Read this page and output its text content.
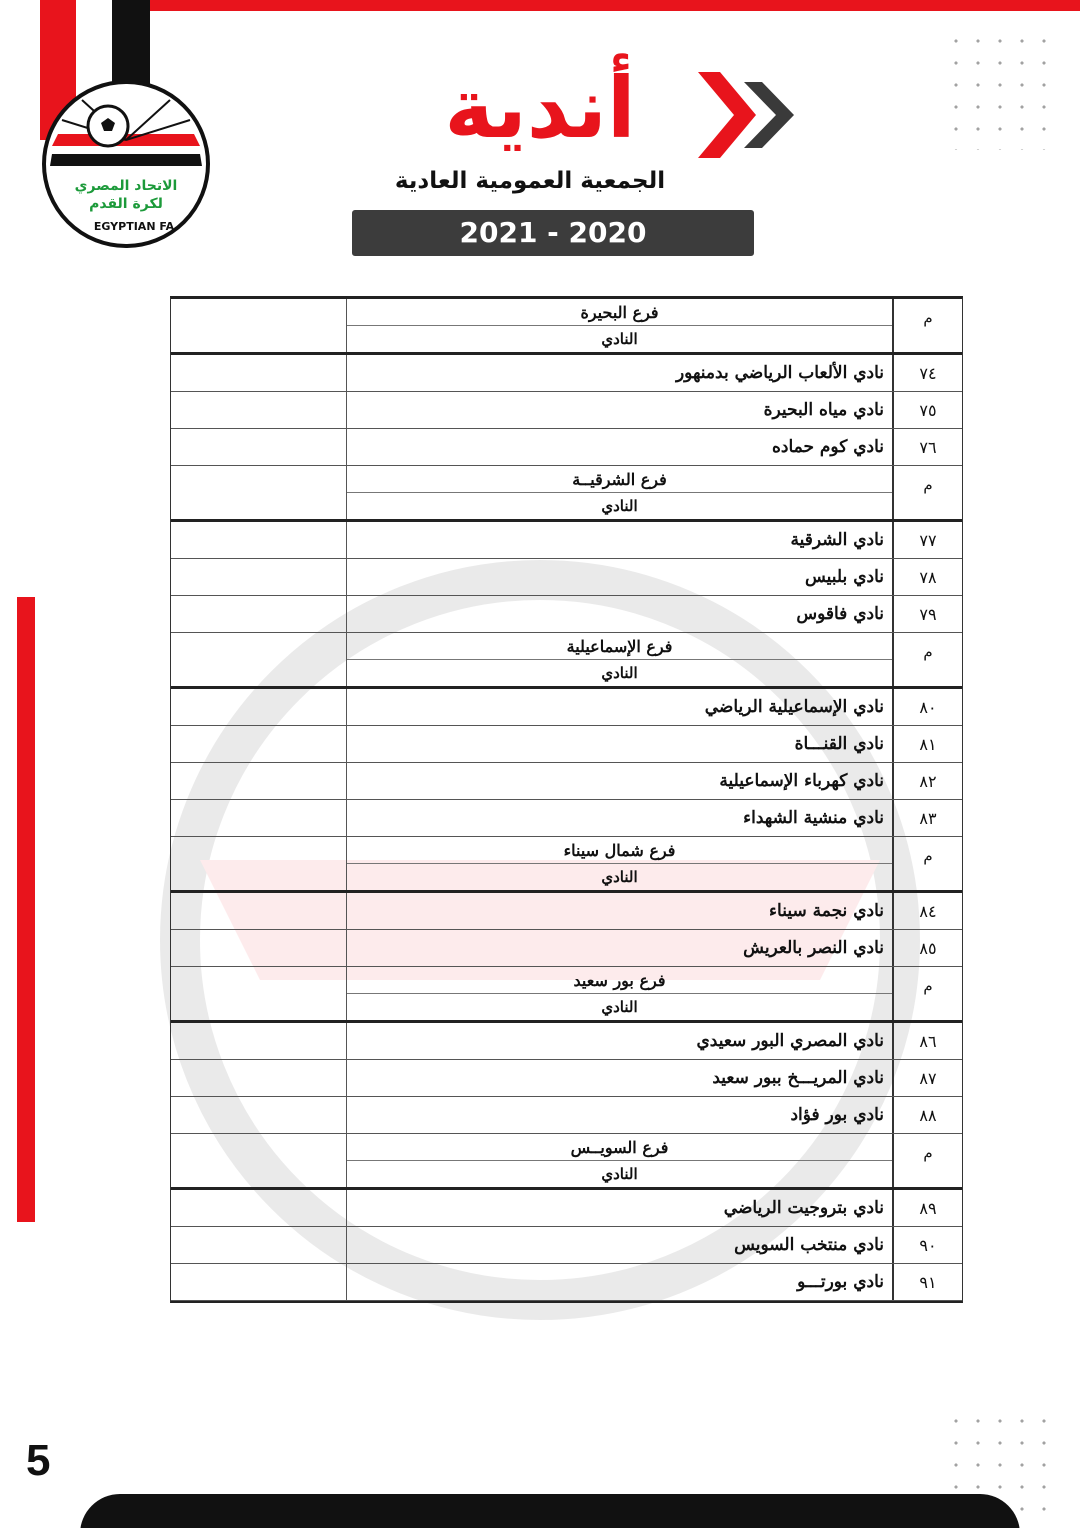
الاتحاد المصري
لكرة القدم
EGYPTIAN FA
أندية
الجمعية العمومية العادية
2021 - 2020
م
فرع البحيرة
النادي
٧٤
نادي الألعاب الرياضي بدمنهور
٧٥
نادي مياه البحيرة
٧٦
نادي كوم حماده
م
فرع الشرقيــة
النادي
٧٧
نادي الشرقية
٧٨
نادي بلبيس
٧٩
نادي فاقوس
م
فرع الإسماعيلية
النادي
٨٠
نادي الإسماعيلية الرياضي
٨١
نادي القنـــاة
٨٢
نادي كهرباء الإسماعيلية
٨٣
نادي منشية الشهداء
م
فرع شمال سيناء
النادي
٨٤
نادي نجمة سيناء
٨٥
نادي النصر بالعريش
م
فرع بور سعيد
النادي
٨٦
نادي المصري البور سعيدي
٨٧
نادي المريـــخ ببور سعيد
٨٨
نادي بور فؤاد
م
فرع السويــس
النادي
٨٩
نادي بتروجيت الرياضي
٩٠
نادي منتخب السويس
٩١
نادي بورتـــو
5
